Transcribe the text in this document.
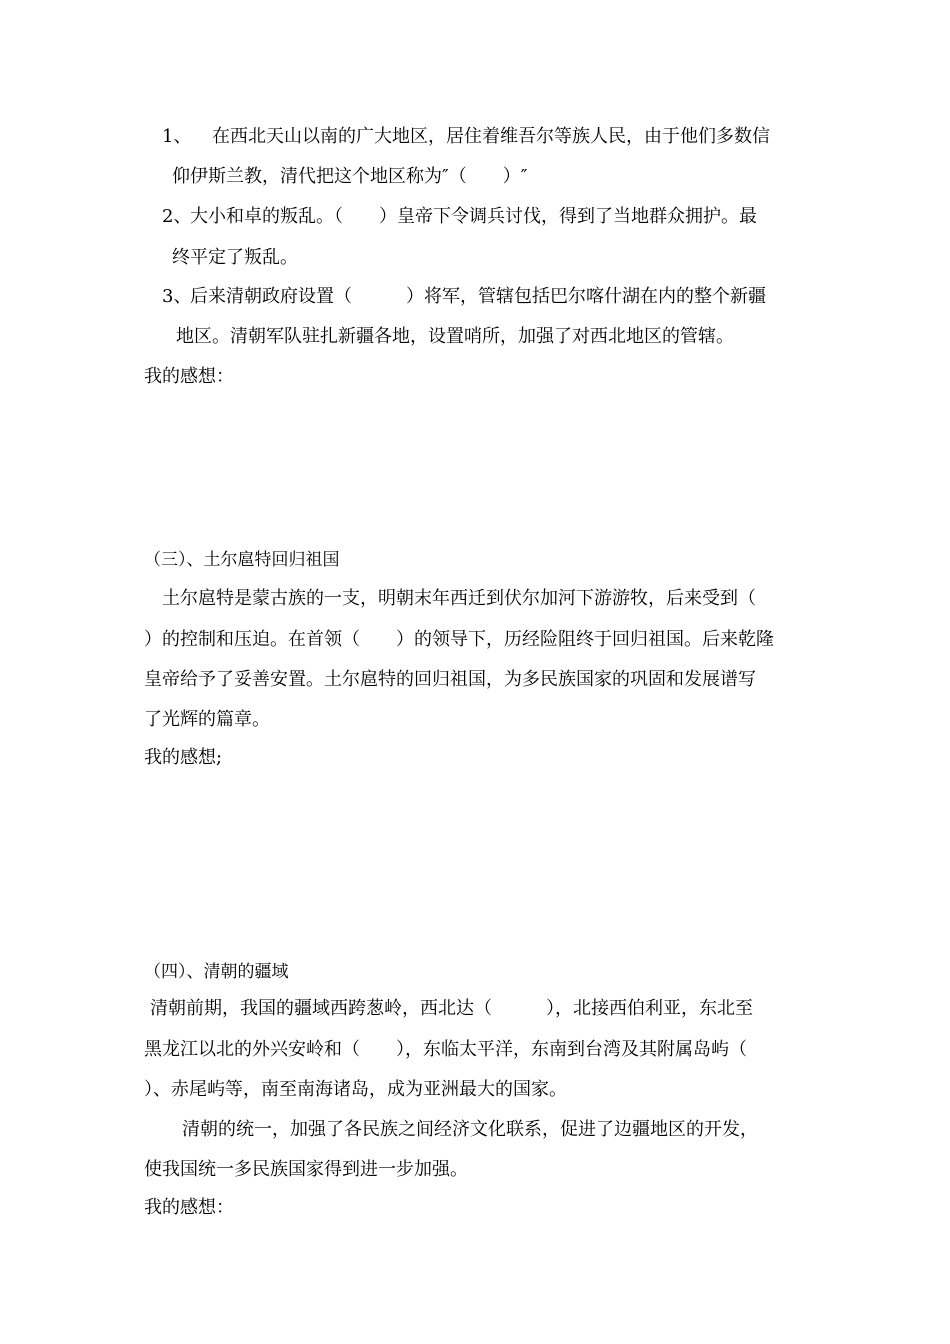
1、 在西北天山以南的广大地区，居住着维吾尔等族人民，由于他们多数信
仰伊斯兰教，清代把这个地区称为″（　　）″
2、
大小和卓的叛乱。（　　）皇帝下令调兵讨伐，得到了当地群众拥护。最
终平定了叛乱。
3、
后来清朝政府设置（　　　）将军，管辖包括巴尔喀什湖在内的整个新疆
地区。清朝军队驻扎新疆各地，设置哨所，加强了对西北地区的管辖。
我的感想：
（三）、土尔扈特回归祖国
土尔扈特是蒙古族的一支，明朝末年西迁到伏尔加河下游游牧，后来受到（
）的控制和压迫。在首领（　　）的领导下，历经险阻终于回归祖国。后来乾隆
皇帝给予了妥善安置。土尔扈特的回归祖国，为多民族国家的巩固和发展谱写
了光辉的篇章。
我的感想;
（四）、清朝的疆域
清朝前期，我国的疆域西跨葱岭，西北达（　　　），北接西伯利亚，东北至
黑龙江以北的外兴安岭和（　　），东临太平洋，东南到台湾及其附属岛屿（
）、赤尾屿等，南至南海诸岛，成为亚洲最大的国家。
清朝的统一，加强了各民族之间经济文化联系，促进了边疆地区的开发，
使我国统一多民族国家得到进一步加强。
我的感想：
